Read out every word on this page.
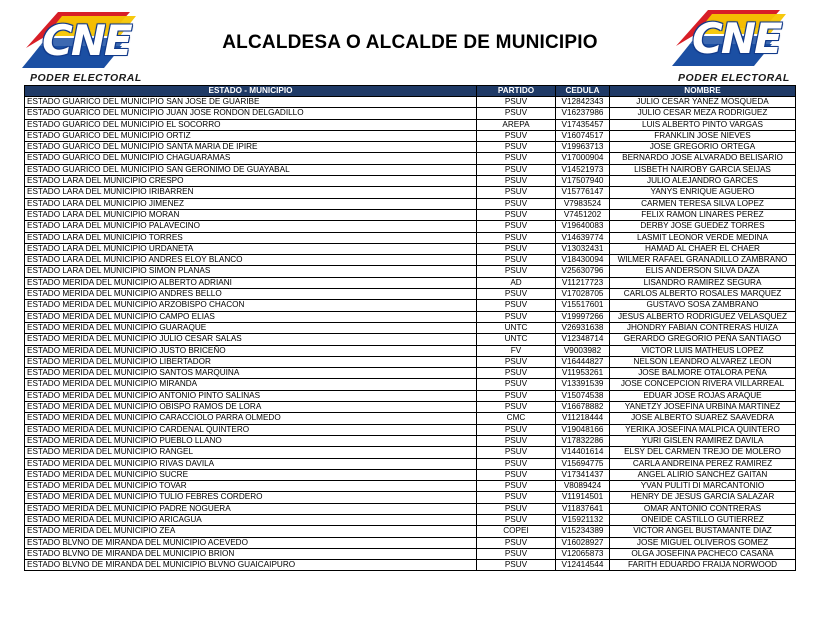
CNE
PODER ELECTORAL
ALCALDESA O ALCALDE DE MUNICIPIO	CNE
PODER ELECTORAL
ESTADO - MUNICIPIO	PARTIDO	CEDULA	NOMBRE
ESTADO GUARICO DEL MUNICIPIO SAN JOSE DE GUARIBE	PSUV	V12842343	JULIO CESAR YANEZ MOSQUEDA
ESTADO GUARICO DEL MUNICIPIO JUAN JOSE RONDON DELGADILLO	PSUV	V16237986	JULIO CESAR MEZA RODRIGUEZ
ESTADO GUARICO DEL MUNICIPIO EL SOCORRO	AREPA	V17435457	LUIS ALBERTO PINTO VARGAS
ESTADO GUARICO DEL MUNICIPIO ORTIZ	PSUV	V16074517	FRANKLIN JOSE NIEVES
ESTADO GUARICO DEL MUNICIPIO SANTA MARIA DE IPIRE	PSUV	V19963713	JOSE GREGORIO ORTEGA
ESTADO GUARICO DEL MUNICIPIO CHAGUARAMAS	PSUV	V17000904	BERNARDO JOSE ALVARADO BELISARIO
ESTADO GUARICO DEL MUNICIPIO SAN GERONIMO DE GUAYABAL	PSUV	V14521973	LISBETH NAIROBY GARCIA SEIJAS
ESTADO LARA DEL MUNICIPIO CRESPO	PSUV	V17507940	JULIO ALEJANDRO GARCES
ESTADO LARA DEL MUNICIPIO IRIBARREN	PSUV	V15776147	YANYS ENRIQUE AGUERO
ESTADO LARA DEL MUNICIPIO JIMENEZ	PSUV	V7983524	CARMEN TERESA SILVA LOPEZ
ESTADO LARA DEL MUNICIPIO MORAN	PSUV	V7451202	FELIX RAMON LINARES PEREZ
ESTADO LARA DEL MUNICIPIO PALAVECINO	PSUV	V19640083	DERBY JOSE GUEDEZ TORRES
ESTADO LARA DEL MUNICIPIO TORRES	PSUV	V14639774	LASMIT LEONOR VERDE MEDINA
ESTADO LARA DEL MUNICIPIO URDANETA	PSUV	V13032431	HAMAD AL CHAER EL CHAER
ESTADO LARA DEL MUNICIPIO ANDRES ELOY BLANCO	PSUV	V18430094	WILMER RAFAEL GRANADILLO ZAMBRANO
ESTADO LARA DEL MUNICIPIO SIMON PLANAS	PSUV	V25630796	ELIS ANDERSON SILVA DAZA
ESTADO MERIDA DEL MUNICIPIO ALBERTO ADRIANI	AD	V11217723	LISANDRO RAMIREZ SEGURA
ESTADO MERIDA DEL MUNICIPIO ANDRES BELLO	PSUV	V17028705	CARLOS ALBERTO ROSALES MARQUEZ
ESTADO MERIDA DEL MUNICIPIO ARZOBISPO CHACON	PSUV	V15517601	GUSTAVO SOSA ZAMBRANO
ESTADO MERIDA DEL MUNICIPIO CAMPO ELIAS	PSUV	V19997266	JESUS ALBERTO RODRIGUEZ VELASQUEZ
ESTADO MERIDA DEL MUNICIPIO GUARAQUE	UNTC	V26931638	JHONDRY FABIAN CONTRERAS HUIZA
ESTADO MERIDA DEL MUNICIPIO JULIO CESAR SALAS	UNTC	V12348714	GERARDO GREGORIO PEÑA SANTIAGO
ESTADO MERIDA DEL MUNICIPIO JUSTO BRICEÑO	FV	V9003982	VICTOR LUIS MATHEUS LOPEZ
ESTADO MERIDA DEL MUNICIPIO LIBERTADOR	PSUV	V16444827	NELSON LEANDRO ALVAREZ LEON
ESTADO MERIDA DEL MUNICIPIO SANTOS MARQUINA	PSUV	V11953261	JOSE BALMORE OTALORA PEÑA
ESTADO MERIDA DEL MUNICIPIO MIRANDA	PSUV	V13391539	JOSE CONCEPCION RIVERA VILLARREAL
ESTADO MERIDA DEL MUNICIPIO ANTONIO PINTO SALINAS	PSUV	V15074538	EDUAR JOSE ROJAS ARAQUE
ESTADO MERIDA DEL MUNICIPIO OBISPO RAMOS DE LORA	PSUV	V16678882	YANETZY JOSEFINA URBINA MARTINEZ
ESTADO MERIDA DEL MUNICIPIO CARACCIOLO PARRA OLMEDO	CMC	V11218444	JOSE ALBERTO SUAREZ SAAVEDRA
ESTADO MERIDA DEL MUNICIPIO CARDENAL QUINTERO	PSUV	V19048166	YERIKA JOSEFINA MALPICA QUINTERO
ESTADO MERIDA DEL MUNICIPIO PUEBLO LLANO	PSUV	V17832286	YURI GISLEN RAMIREZ DAVILA
ESTADO MERIDA DEL MUNICIPIO RANGEL	PSUV	V14401614	ELSY DEL CARMEN TREJO DE MOLERO
ESTADO MERIDA DEL MUNICIPIO RIVAS DAVILA	PSUV	V15694775	CARLA ANDREINA PEREZ RAMIREZ
ESTADO MERIDA DEL MUNICIPIO SUCRE	PSUV	V17341437	ANGEL ALIRIO SANCHEZ GAITAN
ESTADO MERIDA DEL MUNICIPIO TOVAR	PSUV	V8089424	YVAN PULITI DI MARCANTONIO
ESTADO MERIDA DEL MUNICIPIO TULIO FEBRES CORDERO	PSUV	V11914501	HENRY DE JESUS GARCIA SALAZAR
ESTADO MERIDA DEL MUNICIPIO PADRE NOGUERA	PSUV	V11837641	OMAR ANTONIO CONTRERAS
ESTADO MERIDA DEL MUNICIPIO ARICAGUA	PSUV	V15921132	ONEIDE CASTILLO GUTIERREZ
ESTADO MERIDA DEL MUNICIPIO ZEA	COPEI	V15234389	VICTOR ANGEL BUSTAMANTE DIAZ
ESTADO BLVNO DE MIRANDA DEL MUNICIPIO ACEVEDO	PSUV	V16028927	JOSE MIGUEL OLIVEROS GOMEZ
ESTADO BLVNO DE MIRANDA DEL MUNICIPIO BRION	PSUV	V12065873	OLGA JOSEFINA PACHECO CASAÑA
ESTADO BLVNO DE MIRANDA DEL MUNICIPIO BLVNO GUAICAIPURO	PSUV	V12414544	FARITH EDUARDO FRAIJA NORWOOD
